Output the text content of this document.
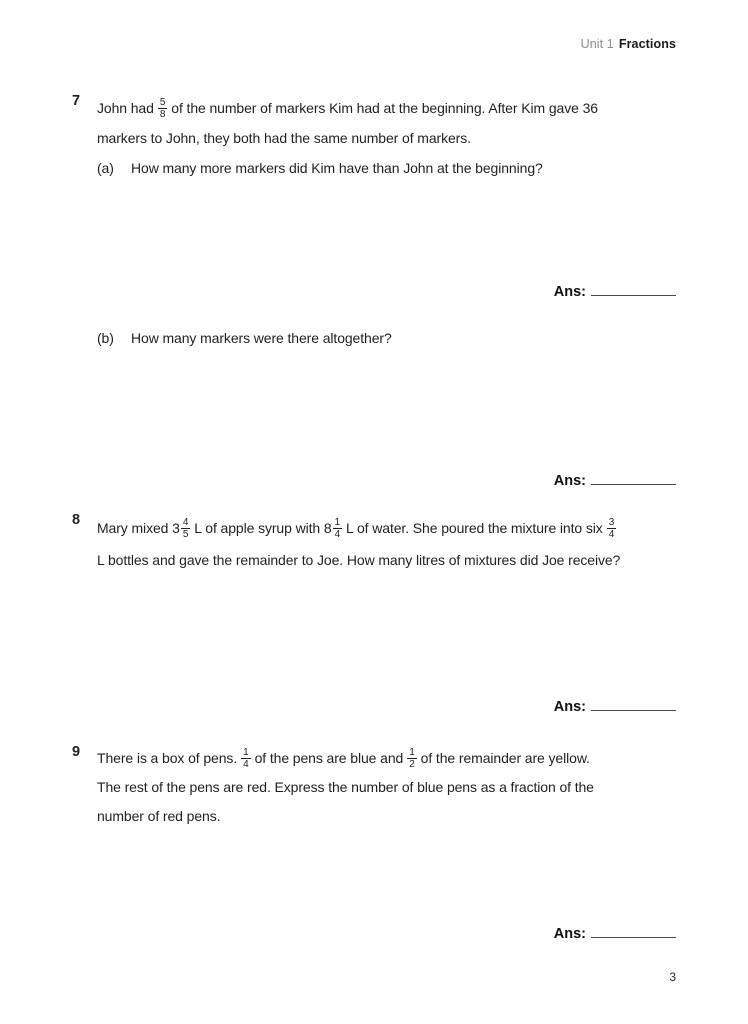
Unit 1 Fractions
7 John had $\frac{5}{8}$ of the number of markers Kim had at the beginning. After Kim gave 36
markers to John, they both had the same number of markers.

(a) How many more markers did Kim have than John at the beginning?
Ans:
(b) How many markers were there altogether?
Ans:
8 Mary mixed $3 \frac{4}{5}$ L of apple syrup with $8 \frac{1}{4}$ L of water. She poured the mixture into six $\frac{3}{4}$

L bottles and gave the remainder to Joe. How many litres of mixtures did Joe receive?

Ans:
9 There is a box of pens. $\frac{1}{4}$ of the pens are blue and $\frac{1}{2}$ of the remainder are yellow.
The rest of the pens are red. Express the number of blue pens as a fraction of the
number of red pens.

Ans:
3
